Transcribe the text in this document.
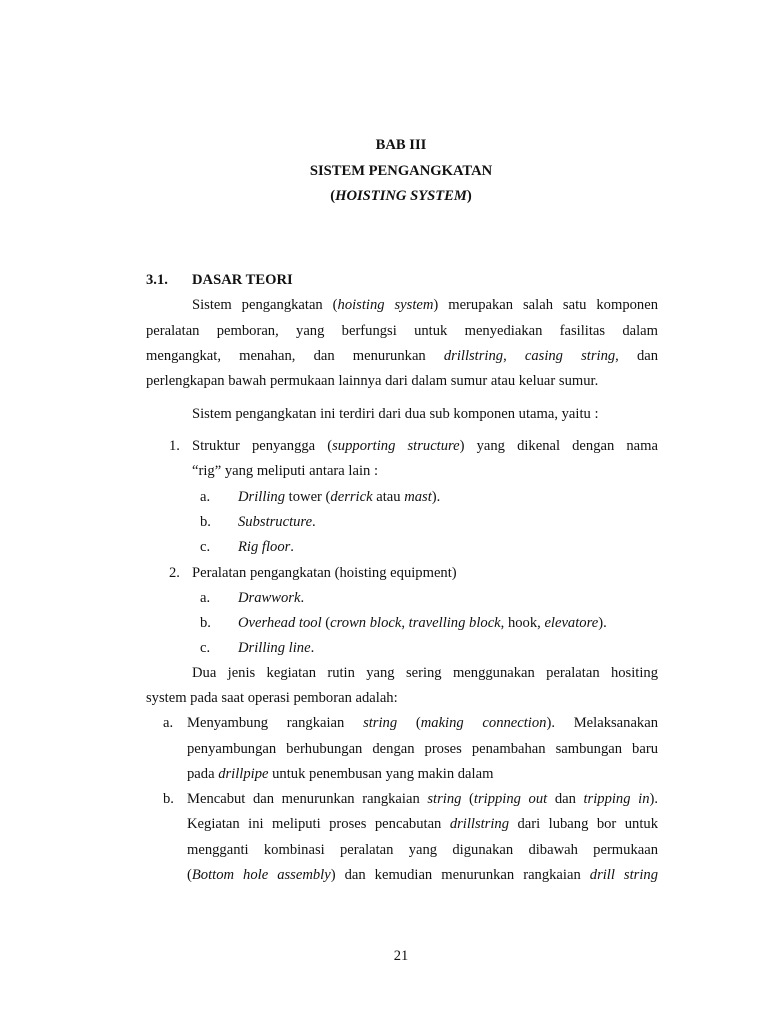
BAB III
SISTEM PENGANGKATAN
(HOISTING SYSTEM)
3.1. DASAR TEORI
Sistem pengangkatan (hoisting system) merupakan salah satu komponen
peralatan pemboran, yang berfungsi untuk menyediakan fasilitas dalam
mengangkat, menahan, dan menurunkan drillstring, casing string, dan
perlengkapan bawah permukaan lainnya dari dalam sumur atau keluar sumur.
Sistem pengangkatan ini terdiri dari dua sub komponen utama, yaitu :
1. Struktur penyangga (supporting structure) yang dikenal dengan nama
“rig” yang meliputi antara lain :
a. Drilling tower (derrick atau mast).
b. Substructure.
c. Rig floor.
2. Peralatan pengangkatan (hoisting equipment)
a. Drawwork.
b. Overhead tool (crown block, travelling block, hook, elevatore).
c. Drilling line.
Dua jenis kegiatan rutin yang sering menggunakan peralatan hositing
system pada saat operasi pemboran adalah:
a. Menyambung rangkaian string (making connection). Melaksanakan
penyambungan berhubungan dengan proses penambahan sambungan baru
pada drillpipe untuk penembusan yang makin dalam
b. Mencabut dan menurunkan rangkaian string (tripping out dan tripping in).
Kegiatan ini meliputi proses pencabutan drillstring dari lubang bor untuk
mengganti kombinasi peralatan yang digunakan dibawah permukaan
(Bottom hole assembly) dan kemudian menurunkan rangkaian drill string
21
